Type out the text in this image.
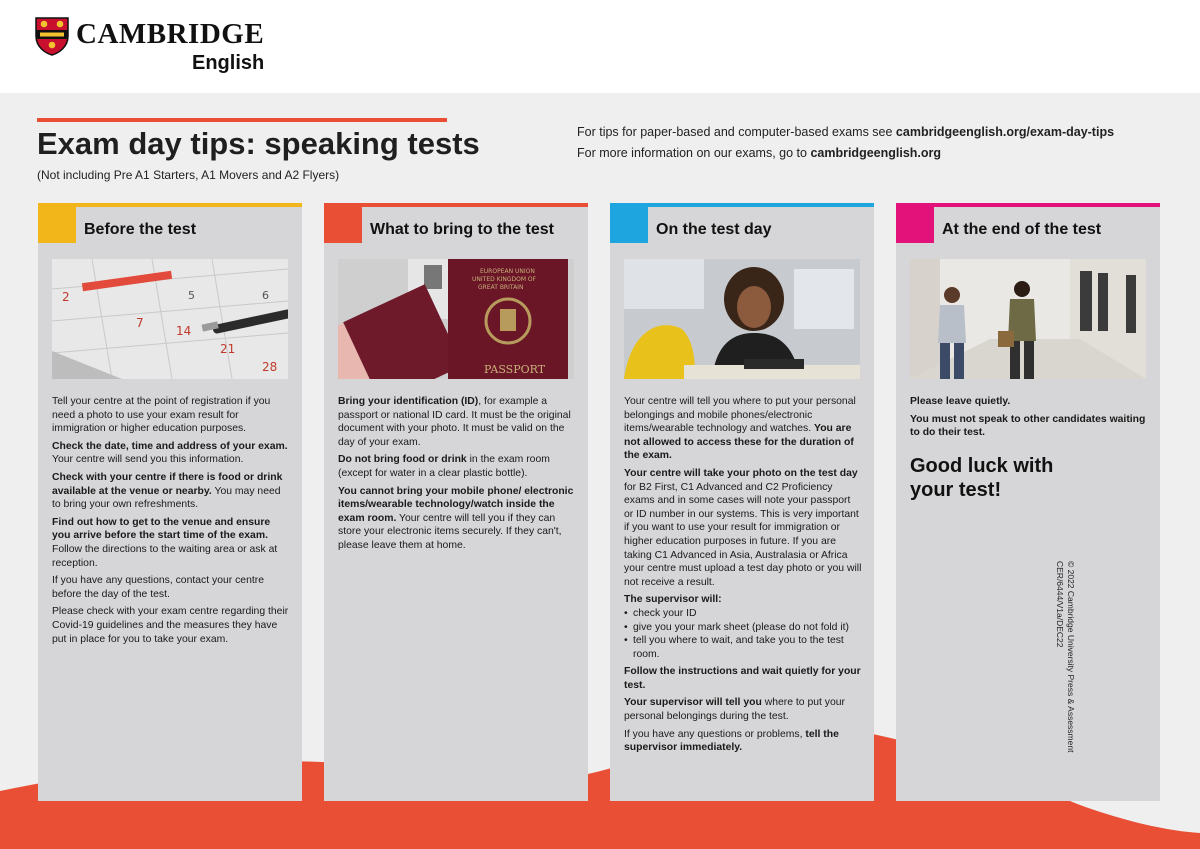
CAMBRIDGE
English
Exam day tips: speaking tests
(Not including Pre A1 Starters, A1 Movers and A2 Flyers)
For tips for paper-based and computer-based exams see cambridgeenglish.org/exam-day-tips
For more information on our exams, go to cambridgeenglish.org
Before the test
2
7
14
21
28
6
5

Tell your centre at the point of registration if you need a photo to use your exam result for immigration or higher education purposes.

Check the date, time and address of your exam. Your centre will send you this information.

Check with your centre if there is food or drink available at the venue or nearby. You may need to bring your own refreshments.

Find out how to get to the venue and ensure you arrive before the start time of the exam. Follow the directions to the waiting area or ask at reception.

If you have any questions, contact your centre before the day of the test.

Please check with your exam centre regarding their Covid-19 guidelines and the measures they have put in place for you to take your exam.

What to bring to the test
EUROPEAN UNION
UNITED KINGDOM OF
GREAT BRITAIN
PASSPORT

Bring your identification (ID), for example a passport or national ID card. It must be the original document with your photo. It must be valid on the day of your exam.

Do not bring food or drink in the exam room (except for water in a clear plastic bottle).

You cannot bring your mobile phone/ electronic items/wearable technology/watch inside the exam room. Your centre will tell you if they can store your electronic items securely. If they can't, please leave them at home.

On the test day

Your centre will tell you where to put your personal belongings and mobile phones/electronic items/wearable technology and watches. You are not allowed to access these for the duration of the exam.

Your centre will take your photo on the test day for B2 First, C1 Advanced and C2 Proficiency exams and in some cases will note your passport or ID number in our systems. This is very important if you want to use your result for immigration or higher education purposes in future. If you are taking C1 Advanced in Asia, Australasia or Africa your centre must upload a test day photo or you will not receive a result.

The supervisor will:

• check your ID
• give you your mark sheet (please do not fold it)
• tell you where to wait, and take you to the test room.

Follow the instructions and wait quietly for your test.

Your supervisor will tell you where to put your personal belongings during the test.

If you have any questions or problems, tell the supervisor immediately.

At the end of the test

Please leave quietly.

You must not speak to other candidates waiting to do their test.

Good luck with
your test!
© 2022 Cambridge University Press & Assessment
CER/6444/V1a/DEC22
